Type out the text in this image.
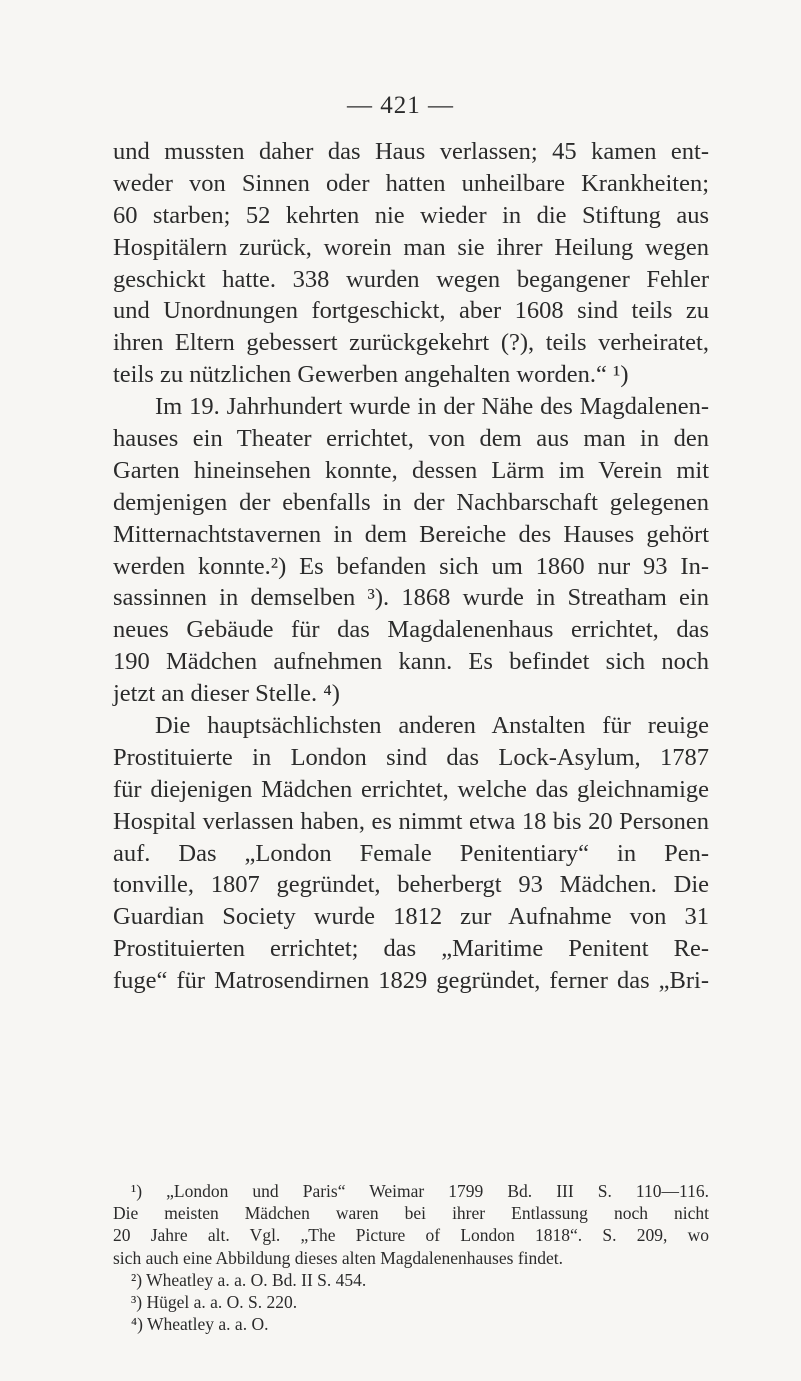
— 421 —
und mussten daher das Haus verlassen; 45 kamen ent-
weder von Sinnen oder hatten unheilbare Krankheiten;
60 starben; 52 kehrten nie wieder in die Stiftung aus
Hospitälern zurück, worein man sie ihrer Heilung wegen
geschickt hatte. 338 wurden wegen begangener Fehler
und Unordnungen fortgeschickt, aber 1608 sind teils zu
ihren Eltern gebessert zurückgekehrt (?), teils verheiratet,
teils zu nützlichen Gewerben angehalten worden.“ ¹)
Im 19. Jahrhundert wurde in der Nähe des Magdalenen-
hauses ein Theater errichtet, von dem aus man in den
Garten hineinsehen konnte, dessen Lärm im Verein mit
demjenigen der ebenfalls in der Nachbarschaft gelegenen
Mitternachtstavernen in dem Bereiche des Hauses gehört
werden konnte.²) Es befanden sich um 1860 nur 93 In-
sassinnen in demselben ³). 1868 wurde in Streatham ein
neues Gebäude für das Magdalenenhaus errichtet, das
190 Mädchen aufnehmen kann. Es befindet sich noch
jetzt an dieser Stelle. ⁴)
Die hauptsächlichsten anderen Anstalten für reuige
Prostituierte in London sind das Lock-Asylum, 1787
für diejenigen Mädchen errichtet, welche das gleichnamige
Hospital verlassen haben, es nimmt etwa 18 bis 20 Personen
auf. Das „London Female Penitentiary“ in Pen-
tonville, 1807 gegründet, beherbergt 93 Mädchen. Die
Guardian Society wurde 1812 zur Aufnahme von 31
Prostituierten errichtet; das „Maritime Penitent Re-
fuge“ für Matrosendirnen 1829 gegründet, ferner das „Bri-
¹) „London und Paris“ Weimar 1799 Bd. III S. 110—116.
Die meisten Mädchen waren bei ihrer Entlassung noch nicht
20 Jahre alt. Vgl. „The Picture of London 1818“. S. 209, wo
sich auch eine Abbildung dieses alten Magdalenenhauses findet.
²) Wheatley a. a. O. Bd. II S. 454.
³) Hügel a. a. O. S. 220.
⁴) Wheatley a. a. O.
